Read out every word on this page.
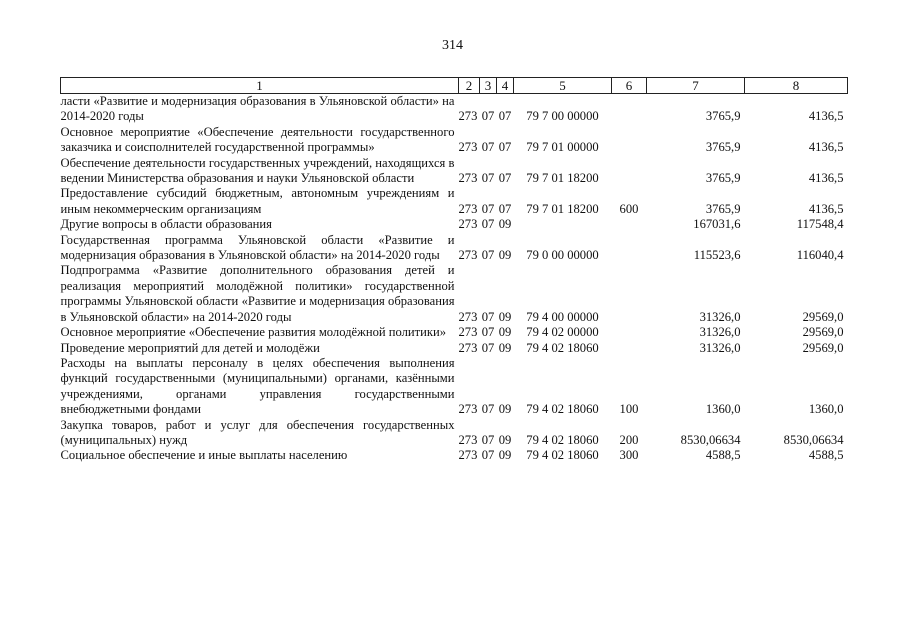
314
1	2	3	4	5	6	7	8
ласти «Развитие и модернизация образования в Ульяновской области» на 2014-2020 годы	273	07	07	79 7 00 00000		3765,9	4136,5
Основное мероприятие «Обеспечение деятельности государственного заказчика и соисполнителей государственной программы»	273	07	07	79 7 01 00000		3765,9	4136,5
Обеспечение деятельности государственных учреждений, находящихся в ведении Министерства образования и науки Ульяновской области	273	07	07	79 7 01 18200		3765,9	4136,5
Предоставление субсидий бюджетным, автономным учреждениям и иным некоммерческим организациям	273	07	07	79 7 01 18200	600	3765,9	4136,5
Другие вопросы в области образования	273	07	09			167031,6	117548,4
Государственная программа Ульяновской области «Развитие и модернизация образования в Ульяновской области» на 2014-2020 годы	273	07	09	79 0 00 00000		115523,6	116040,4
Подпрограмма «Развитие дополнительного образования детей и реализация мероприятий молодёжной политики» государственной программы Ульяновской области «Развитие и модернизация образования в Ульяновской области» на 2014-2020 годы	273	07	09	79 4 00 00000		31326,0	29569,0
Основное мероприятие «Обеспечение развития молодёжной политики»	273	07	09	79 4 02 00000		31326,0	29569,0
Проведение мероприятий для детей и молодёжи	273	07	09	79 4 02 18060		31326,0	29569,0
Расходы на выплаты персоналу в целях обеспечения выполнения функций государственными (муниципальными) органами, казёнными учреждениями, органами управления государственными внебюджетными фондами	273	07	09	79 4 02 18060	100	1360,0	1360,0
Закупка товаров, работ и услуг для обеспечения государственных (муниципальных) нужд	273	07	09	79 4 02 18060	200	8530,06634	8530,06634
Социальное обеспечение и иные выплаты населению	273	07	09	79 4 02 18060	300	4588,5	4588,5
